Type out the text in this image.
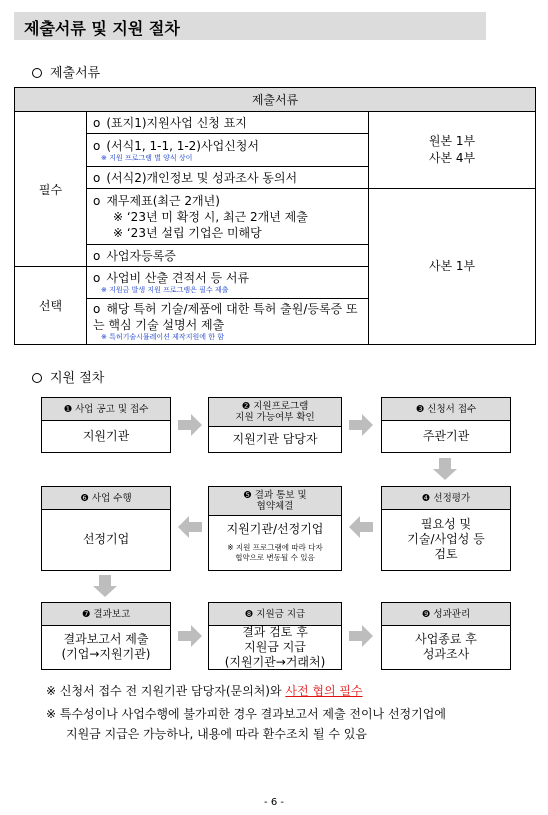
제출서류 및 지원 절차
제출서류
제출서류		
필수	o (표지1)지원사업 신청 표지	원본 1부
사본 4부

	o (서식1, 1-1, 1-2)사업신청서
※ 지원 프로그램 별 양식 상이

	o (서식2)개인정보 및 성과조사 동의서

	o 재무제표(최근 2개년)
※ ‘23년 미 확정 시, 최근 2개년 제출
※ ‘23년 설립 기업은 미해당	사본 1부
	o 사업자등록증
선택	o 사업비 산출 견적서 등 서류
※ 지원금 발생 지원 프로그램은 필수 제출

	o 해당 특허 기술/제품에 대한 특허 출원/등록증 또는 핵심 기술 설명서 제출
※ 특허기술시뮬레이션 제작지원에 한 함
지원 절차
❶ 사업 공고 및 접수
지원기관
❷ 지원프로그램
지원 가능여부 확인
지원기관 담당자
❸ 신청서 접수
주관기관
❻ 사업 수행
선정기업
❺ 결과 통보 및
협약체결
지원기관/선정기업
※ 지원 프로그램에 따라 다자
협약으로 변동될 수 있음
❹ 선정평가
필요성 및
기술/사업성 등
검토
❼ 결과보고
결과보고서 제출
(기업→지원기관)
❽ 지원금 지급
결과 검토 후
지원금 지급
(지원기관→거래처)
❾ 성과관리
사업종료 후
성과조사
※ 신청서 접수 전 지원기관 담당자(문의처)와 사전 협의 필수
※ 특수성이나 사업수행에 불가피한 경우 결과보고서 제출 전이나 선정기업에
지원금 지급은 가능하나, 내용에 따라 환수조치 될 수 있음
- 6 -
